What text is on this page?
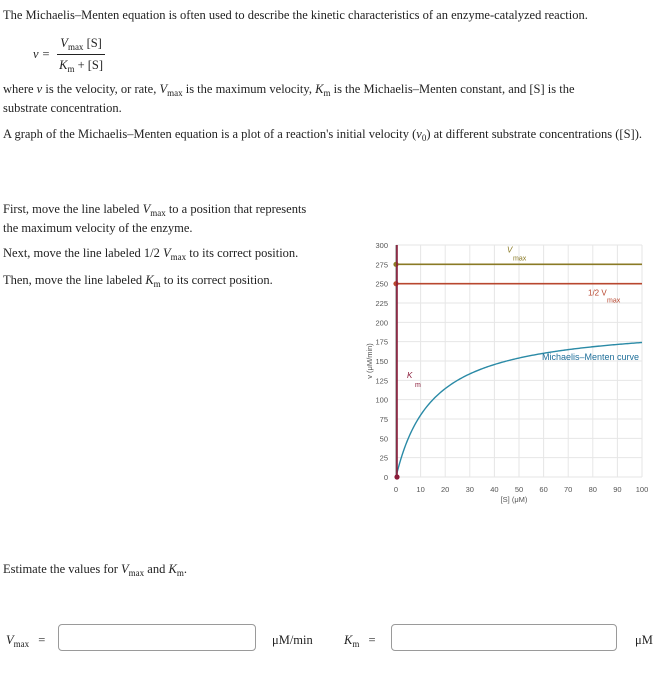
The Michaelis–Menten equation is often used to describe the kinetic characteristics of an enzyme-catalyzed reaction.
$v = \frac{V_{max} [S]}{K_m + [S]}$
where v is the velocity, or rate, $V_{max}$ is the maximum velocity, $K_m$ is the Michaelis–Menten constant, and [S] is the substrate concentration.
A graph of the Michaelis–Menten equation is a plot of a reaction's initial velocity $(v_0)$ at different substrate concentrations ([S]).
First, move the line labeled $V_{max}$ to a position that represents the maximum velocity of the enzyme.
Next, move the line labeled 1/2 $V_{max}$ to its correct position.
Then, move the line labeled $K_m$ to its correct position.
0
25
50
75
100
125
150
175
200
225
250
275
300
0 10 20 30 40 50 60 70 80 90 100
[S] (μM)
v (μM/min)	Michaelis–Menten curve
V
max
1/2 V
max
K
m
Estimate the values for $V_{max}$ and $K_m$.
$V_{max}$ =	μM/min	$K_m$ =	μM
